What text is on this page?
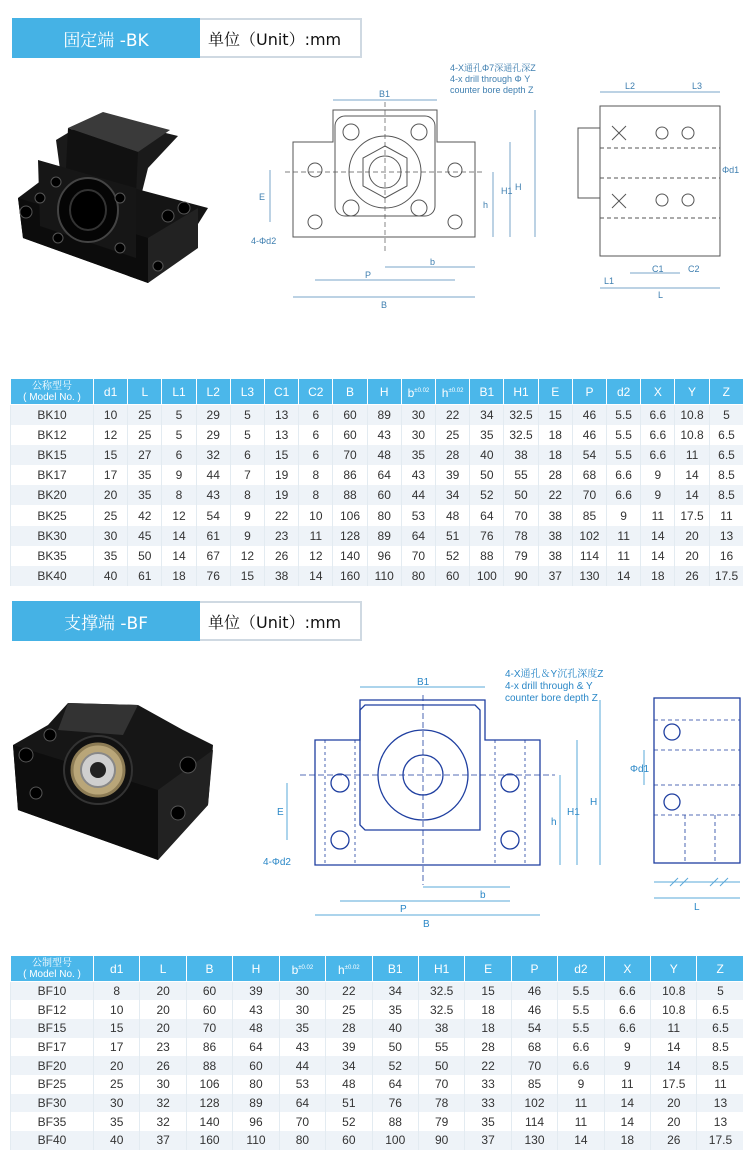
固定端 -BK	单位（Unit）:mm
B1
B
P
b
E
h
H1 H
4-Φd2
4-X通孔Φ7深通孔深Z
4-x drill through Φ Y
counter bore depth Z	L2	L3
C1	C2
L1
L
Φd1
公称型号
( Model No. )	d1	L	L1	L2	L3	C1	C2	B	H	$b^{\pm 0.02}$	$h^{\pm 0.02}$	B1	H1	E	P	d2	X	Y	Z
BK10	10	25	5	29	5	13	6	60	89	30	22	34	32.5	15	46	5.5	6.6	10.8	5
BK12	12	25	5	29	5	13	6	60	43	30	25	35	32.5	18	46	5.5	6.6	10.8	6.5
BK15	15	27	6	32	6	15	6	70	48	35	28	40	38	18	54	5.5	6.6	11	6.5
BK17	17	35	9	44	7	19	8	86	64	43	39	50	55	28	68	6.6	9	14	8.5
BK20	20	35	8	43	8	19	8	88	60	44	34	52	50	22	70	6.6	9	14	8.5
BK25	25	42	12	54	9	22	10	106	80	53	48	64	70	38	85	9	11	17.5	11
BK30	30	45	14	61	9	23	11	128	89	64	51	76	78	38	102	11	14	20	13
BK35	35	50	14	67	12	26	12	140	96	70	52	88	79	38	114	11	14	20	16
BK40	40	61	18	76	15	38	14	160	110	80	60	100	90	37	130	14	18	26	17.5
支撑端 -BF	单位（Unit）:mm
B1
B
P
b
E
h
H1
H
4-Φd2
4-X通孔＆Y沉孔深度Z
4-x drill through & Y
counter bore depth Z
Φd1
L
公制型号
( Model No. )	d1	L	B	H	$b^{\pm 0.02}$	$h^{\pm 0.02}$	B1	H1	E	P	d2	X	Y	Z
BF10	8	20	60	39	30	22	34	32.5	15	46	5.5	6.6	10.8	5
BF12	10	20	60	43	30	25	35	32.5	18	46	5.5	6.6	10.8	6.5
BF15	15	20	70	48	35	28	40	38	18	54	5.5	6.6	11	6.5
BF17	17	23	86	64	43	39	50	55	28	68	6.6	9	14	8.5
BF20	20	26	88	60	44	34	52	50	22	70	6.6	9	14	8.5
BF25	25	30	106	80	53	48	64	70	33	85	9	11	17.5	11
BF30	30	32	128	89	64	51	76	78	33	102	11	14	20	13
BF35	35	32	140	96	70	52	88	79	35	114	11	14	20	13
BF40	40	37	160	110	80	60	100	90	37	130	14	18	26	17.5
